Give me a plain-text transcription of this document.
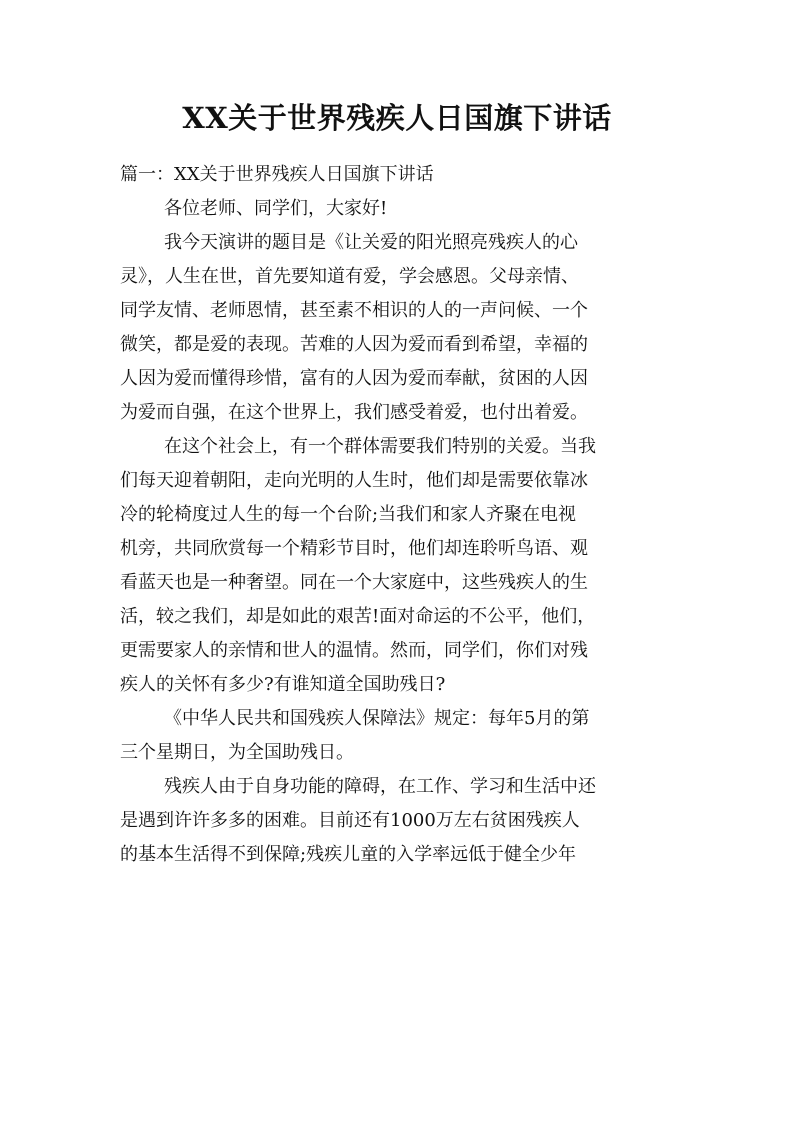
XX关于世界残疾人日国旗下讲话
篇一：XX关于世界残疾人日国旗下讲话
各位老师、同学们，大家好!
我今天演讲的题目是《让关爱的阳光照亮残疾人的心
灵》，人生在世，首先要知道有爱，学会感恩。父母亲情、
同学友情、老师恩情，甚至素不相识的人的一声问候、一个
微笑，都是爱的表现。苦难的人因为爱而看到希望，幸福的
人因为爱而懂得珍惜，富有的人因为爱而奉献，贫困的人因
为爱而自强，在这个世界上，我们感受着爱，也付出着爱。
在这个社会上，有一个群体需要我们特别的关爱。当我
们每天迎着朝阳，走向光明的人生时，他们却是需要依靠冰
冷的轮椅度过人生的每一个台阶;当我们和家人齐聚在电视
机旁，共同欣赏每一个精彩节目时，他们却连聆听鸟语、观
看蓝天也是一种奢望。同在一个大家庭中，这些残疾人的生
活，较之我们，却是如此的艰苦!面对命运的不公平，他们，
更需要家人的亲情和世人的温情。然而，同学们，你们对残
疾人的关怀有多少?有谁知道全国助残日?
《中华人民共和国残疾人保障法》规定：每年5月的第
三个星期日，为全国助残日。
残疾人由于自身功能的障碍，在工作、学习和生活中还
是遇到许许多多的困难。目前还有1000万左右贫困残疾人
的基本生活得不到保障;残疾儿童的入学率远低于健全少年
